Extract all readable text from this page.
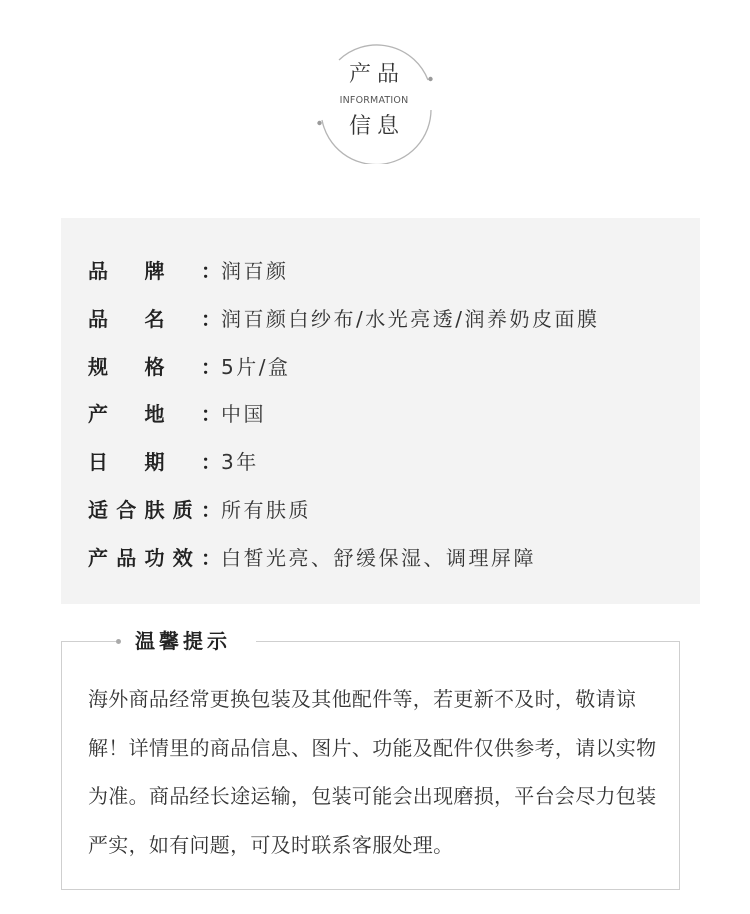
产品
INFORMATION
信息
品牌： 润百颜
品名： 润百颜白纱布/水光亮透/润养奶皮面膜
规格： 5片/盒
产地： 中国
日期： 3年
适合肤质： 所有肤质
产品功效： 白皙光亮、舒缓保湿、调理屏障
温馨提示
海外商品经常更换包装及其他配件等，若更新不及时，敬请谅解！详情里的商品信息、图片、功能及配件仅供参考，请以实物为准。商品经长途运输，包装可能会出现磨损，平台会尽力包装严实，如有问题，可及时联系客服处理。
